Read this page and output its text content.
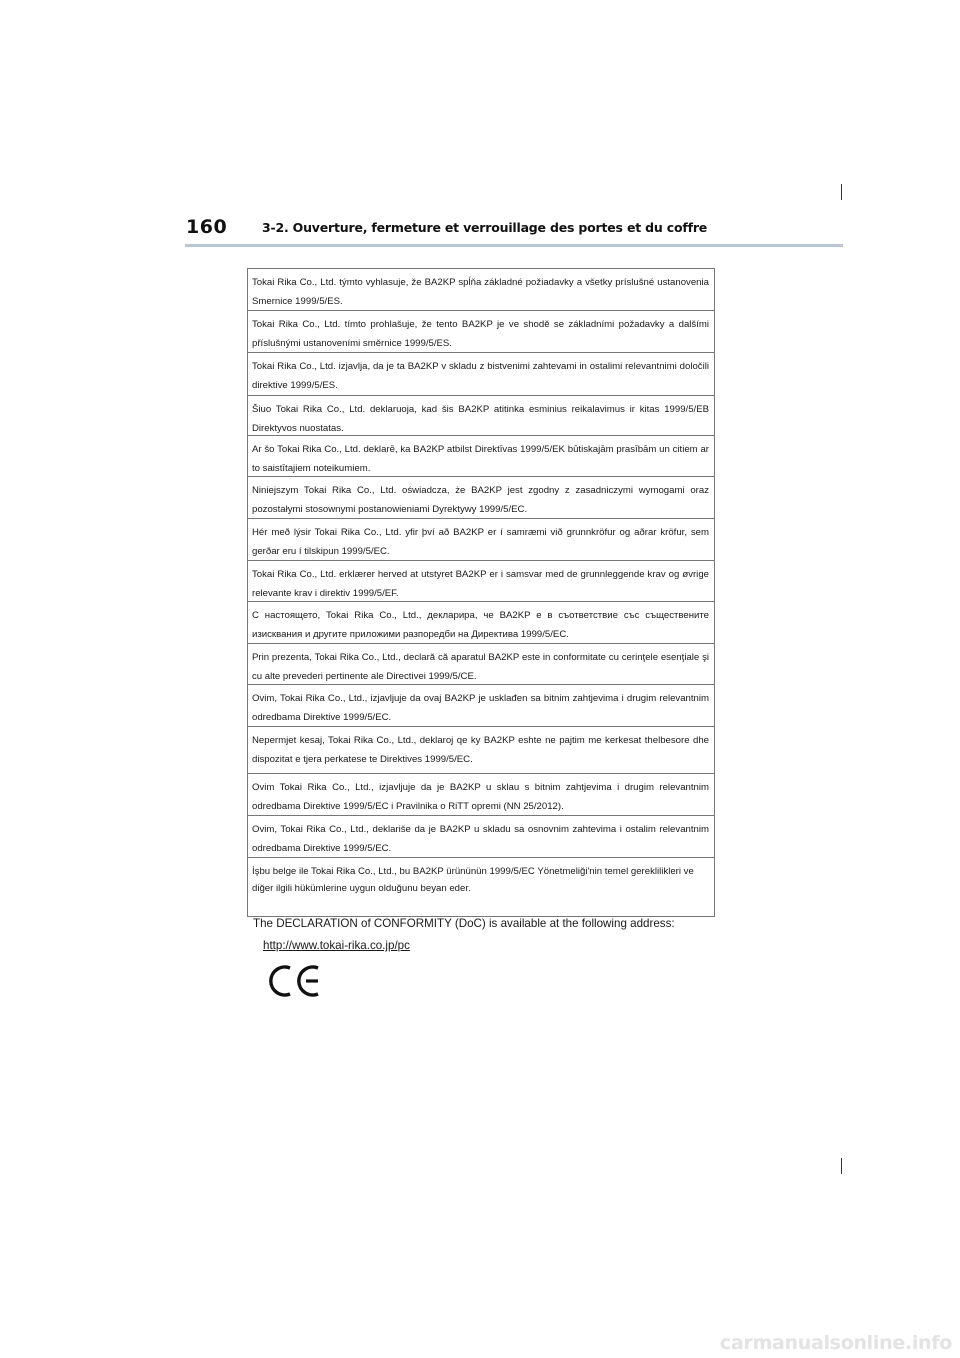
160	3-2. Ouverture, fermeture et verrouillage des portes et du coffre
Tokai Rika Co., Ltd. týmto vyhlasuje, že BA2KP spĺňa základné požiadavky a všetky príslušné ustanovenia Smernice 1999/5/ES.
Tokai Rika Co., Ltd. tímto prohlašuje, že tento BA2KP je ve shodě se základními požadavky a dalšími příslušnými ustanoveními směrnice 1999/5/ES.
Tokai Rika Co., Ltd. izjavlja, da je ta BA2KP v skladu z bistvenimi zahtevami in ostalimi relevantnimi določili direktive 1999/5/ES.
Šiuo Tokai Rika Co., Ltd. deklaruoja, kad šis BA2KP atitinka esminius reikalavimus ir kitas 1999/5/EB Direktyvos nuostatas.
Ar šo Tokai Rika Co., Ltd. deklarē, ka BA2KP atbilst Direktīvas 1999/5/EK būtiskajām prasībām un citiem ar to saistītajiem noteikumiem.
Niniejszym Tokai Rika Co., Ltd. oświadcza, że BA2KP jest zgodny z zasadniczymi wymogami oraz pozostałymi stosownymi postanowieniami Dyrektywy 1999/5/EC.
Hér með lýsir Tokai Rika Co., Ltd. yfir því að BA2KP er í samræmi við grunnkröfur og aðrar kröfur, sem gerðar eru í tilskipun 1999/5/EC.
Tokai Rika Co., Ltd. erklærer herved at utstyret BA2KP er i samsvar med de grunnleggende krav og øvrige relevante krav i direktiv 1999/5/EF.
С настоящето, Tokai Rika Co., Ltd., декларира, че BA2KP е в съответствие със съществените изисквания и другите приложими разпоредби на Директива 1999/5/EC.
Prin prezenta, Tokai Rika Co., Ltd., declară că aparatul BA2KP este in conformitate cu cerinţele esenţiale şi cu alte prevederi pertinente ale Directivei 1999/5/CE.
Ovim, Tokai Rika Co., Ltd., izjavljuje da ovaj BA2KP je usklađen sa bitnim zahtjevima i drugim relevantnim odredbama Direktive 1999/5/EC.
Nepermjet kesaj, Tokai Rika Co., Ltd., deklaroj qe ky BA2KP eshte ne pajtim me kerkesat thelbesore dhe dispozitat e tjera perkatese te Direktives 1999/5/EC.
Ovim Tokai Rika Co., Ltd., izjavljuje da je BA2KP u sklau s bitnim zahtjevima i drugim relevantnim odredbama Direktive 1999/5/EC i Pravilnika o RiTT opremi (NN 25/2012).
Ovim, Tokai Rika Co., Ltd., deklariše da je BA2KP u skladu sa osnovnim zahtevima i ostalim relevantnim odredbama Direktive 1999/5/EC.
İşbu belge ile Tokai Rika Co., Ltd., bu BA2KP ürününün 1999/5/EC Yönetmeliği'nin temel gereklilikleri ve diğer ilgili hükümlerine uygun olduğunu beyan eder.
The DECLARATION of CONFORMITY (DoC) is available at the following address:
http://www.tokai-rika.co.jp/pc
carmanualsonline.info
